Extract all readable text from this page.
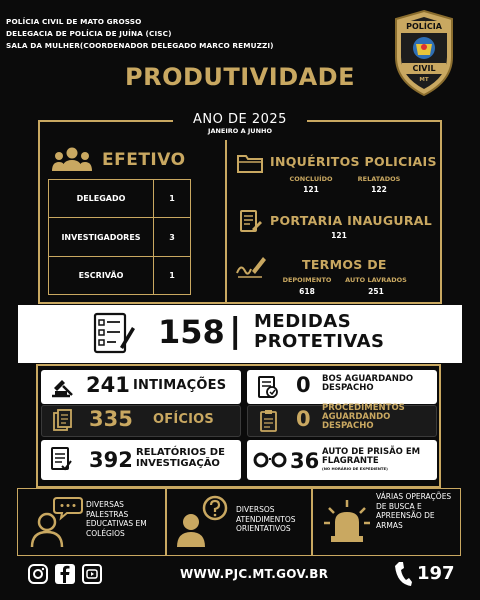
POLÍCIA CIVIL DE MATO GROSSO
DELEGACIA DE POLÍCIA DE JUÍNA (CISC)
SALA DA MULHER(COORDENADOR DELEGADO MARCO REMUZZI)
POLÍCIA
CIVIL
MT
PRODUTIVIDADE
ANO DE 2025
JANEIRO A JUNHO
EFETIVO
DELEGADO	1
INVESTIGADORES	3
ESCRIVÃO	1
INQUÉRITOS POLICIAIS
CONCLUÍDO
121
RELATADOS
122
PORTARIA INAUGURAL
121
TERMOS DE
DEPOIMENTO
618
AUTO LAVRADOS
251
158 | MEDIDAS
PROTETIVAS
241 INTIMAÇÕES
335 OFÍCIOS
392 RELATÓRIOS DE
INVESTIGAÇÃO
0 BOS AGUARDANDO
DESPACHO
0 PROCEDIMENTOS
AGUARDANDO
DESPACHO
36 AUTO DE PRISÃO EM
FLAGRANTE
(NO HORÁRIO DE EXPEDIENTE)
DIVERSAS PALESTRAS EDUCATIVAS EM COLÉGIOS
DIVERSOS ATENDIMENTOS ORIENTATIVOS
VÁRIAS OPERAÇÕES DE BUSCA E APREENSÃO DE ARMAS
WWW.PJC.MT.GOV.BR	197
